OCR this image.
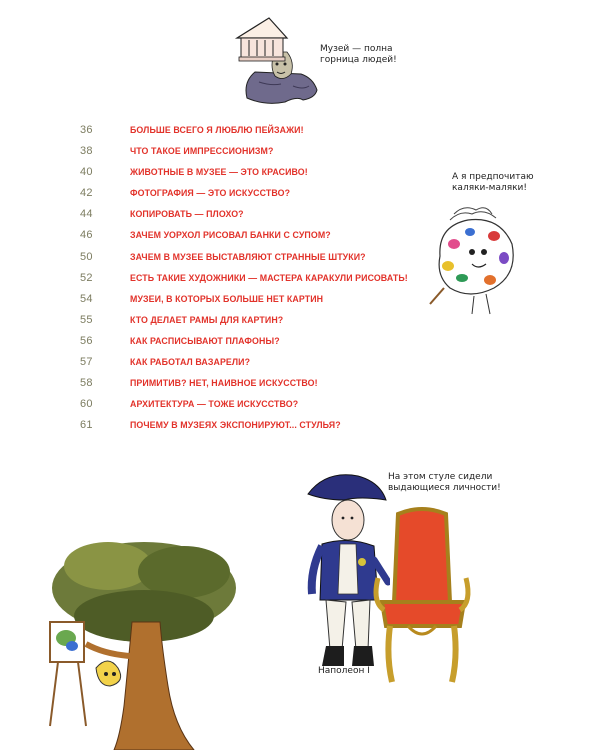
Музей — полна
горница людей!
36	БОЛЬШЕ ВСЕГО Я ЛЮБЛЮ ПЕЙЗАЖИ!
38	ЧТО ТАКОЕ ИМПРЕССИОНИЗМ?
40	ЖИВОТНЫЕ В МУЗЕЕ — ЭТО КРАСИВО!
42	ФОТОГРАФИЯ — ЭТО ИСКУССТВО?
44	КОПИРОВАТЬ — ПЛОХО?
46	ЗАЧЕМ УОРХОЛ РИСОВАЛ БАНКИ С СУПОМ?
50	ЗАЧЕМ В МУЗЕЕ ВЫСТАВЛЯЮТ СТРАННЫЕ ШТУКИ?
52	ЕСТЬ ТАКИЕ ХУДОЖНИКИ — МАСТЕРА КАРАКУЛИ РИСОВАТЬ!
54	МУЗЕИ, В КОТОРЫХ БОЛЬШЕ НЕТ КАРТИН
55	КТО ДЕЛАЕТ РАМЫ ДЛЯ КАРТИН?
56	КАК РАСПИСЫВАЮТ ПЛАФОНЫ?
57	КАК РАБОТАЛ ВАЗАРЕЛИ?
58	ПРИМИТИВ? НЕТ, НАИВНОЕ ИСКУССТВО!
60	АРХИТЕКТУРА — ТОЖЕ ИСКУССТВО?
61	ПОЧЕМУ В МУЗЕЯХ ЭКСПОНИРУЮТ... СТУЛЬЯ?
А я предпочитаю
каляки-маляки!
На этом стуле сидели
выдающиеся личности!
Наполеон I
